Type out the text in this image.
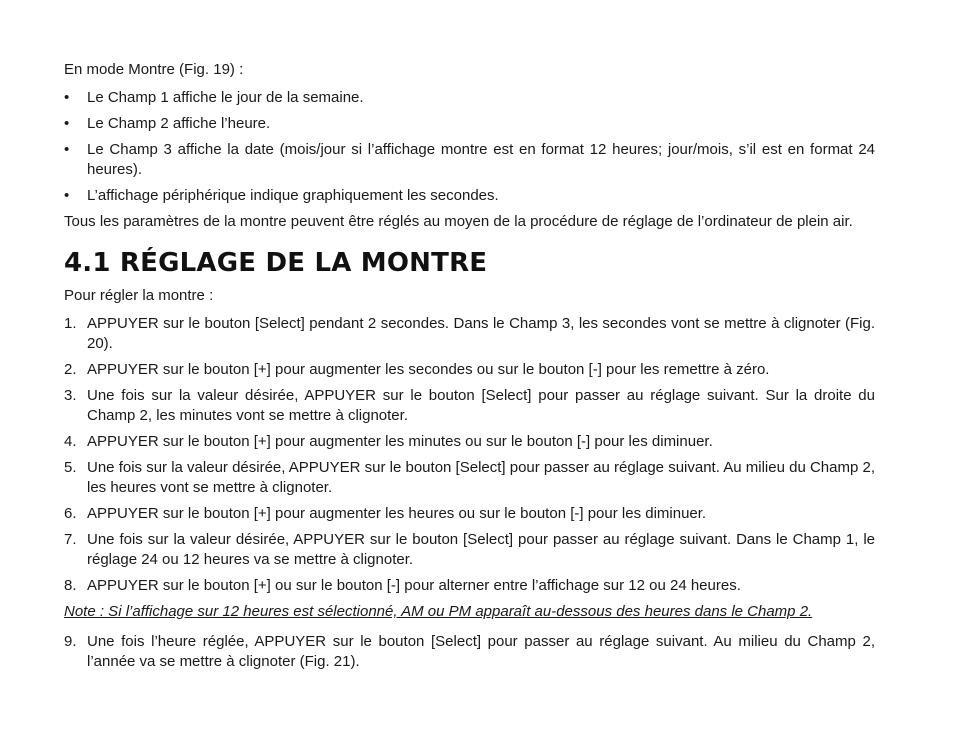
En mode Montre (Fig. 19) :

• Le Champ 1 affiche le jour de la semaine.
• Le Champ 2 affiche l’heure.
• Le Champ 3 affiche la date (mois/jour si l’affichage montre est en format 12 heures; jour/mois, s’il est en format 24 heures).
• L’affichage périphérique indique graphiquement les secondes.

Tous les paramètres de la montre peuvent être réglés au moyen de la procédure de réglage de l’ordinateur de plein air.

4.1 RÉGLAGE DE LA MONTRE

Pour régler la montre :

1. APPUYER sur le bouton [Select] pendant 2 secondes. Dans le Champ 3, les secondes vont se mettre à clignoter (Fig. 20).
2. APPUYER sur le bouton [+] pour augmenter les secondes ou sur le bouton [-] pour les remettre à zéro.
3. Une fois sur la valeur désirée, APPUYER sur le bouton [Select] pour passer au réglage suivant. Sur la droite du Champ 2, les minutes vont se mettre à clignoter.
4. APPUYER sur le bouton [+] pour augmenter les minutes ou sur le bouton [-] pour les diminuer.
5. Une fois sur la valeur désirée, APPUYER sur le bouton [Select] pour passer au réglage suivant. Au milieu du Champ 2, les heures vont se mettre à clignoter.
6. APPUYER sur le bouton [+] pour augmenter les heures ou sur le bouton [-] pour les diminuer.
7. Une fois sur la valeur désirée, APPUYER sur le bouton [Select] pour passer au réglage suivant. Dans le Champ 1, le réglage 24 ou 12 heures va se mettre à clignoter.
8. APPUYER sur le bouton [+] ou sur le bouton [-] pour alterner entre l’affichage sur 12 ou 24 heures.

Note : Si l’affichage sur 12 heures est sélectionné, AM ou PM apparaît au-dessous des heures dans le Champ 2.

9. Une fois l’heure réglée, APPUYER sur le bouton [Select] pour passer au réglage suivant. Au milieu du Champ 2, l’année va se mettre à clignoter (Fig. 21).
